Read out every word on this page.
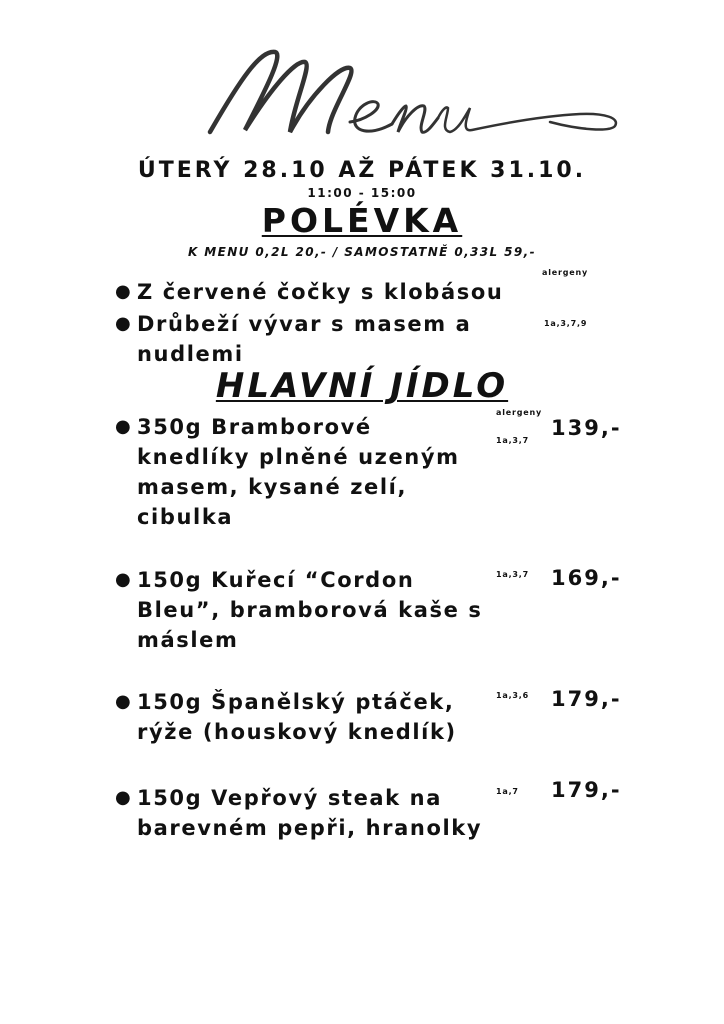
ÚTERÝ 28.10 AŽ PÁTEK 31.10.
11:00 - 15:00
POLÉVKA
K MENU 0,2L 20,- / SAMOSTATNĚ 0,33L 59,-
alergeny
● Z červené čočky s klobásou
● Drůbeží vývar s masem a nudlemi
1a,3,7,9
HLAVNÍ JÍDLO
alergeny
● 350g Bramborové knedlíky plněné uzeným masem, kysané zelí, cibulka
1a,3,7
139,-
● 150g Kuřecí “Cordon Bleu”, bramborová kaše s máslem
1a,3,7 169,-
● 150g Španělský ptáček, rýže (houskový knedlík)
1a,3,6 179,-
● 150g Vepřový steak na barevném pepři, hranolky
1a,7 179,-
